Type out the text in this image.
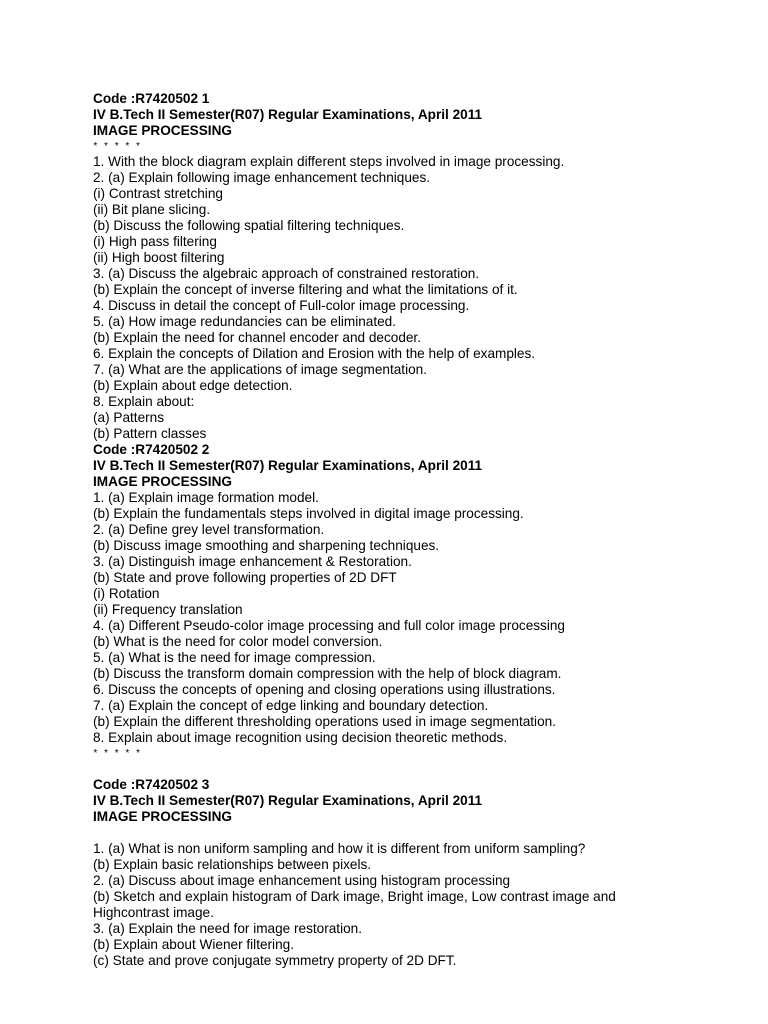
Code :R7420502 1
IV B.Tech II Semester(R07) Regular Examinations, April 2011
IMAGE PROCESSING
* * * * *
1. With the block diagram explain different steps involved in image processing.
2. (a) Explain following image enhancement techniques.
(i) Contrast stretching
(ii) Bit plane slicing.
(b) Discuss the following spatial filtering techniques.
(i) High pass filtering
(ii) High boost filtering
3. (a) Discuss the algebraic approach of constrained restoration.
(b) Explain the concept of inverse filtering and what the limitations of it.
4. Discuss in detail the concept of Full-color image processing.
5. (a) How image redundancies can be eliminated.
(b) Explain the need for channel encoder and decoder.
6. Explain the concepts of Dilation and Erosion with the help of examples.
7. (a) What are the applications of image segmentation.
(b) Explain about edge detection.
8. Explain about:
(a) Patterns
(b) Pattern classes
Code :R7420502 2
IV B.Tech II Semester(R07) Regular Examinations, April 2011
IMAGE PROCESSING
1. (a) Explain image formation model.
(b) Explain the fundamentals steps involved in digital image processing.
2. (a) Define grey level transformation.
(b) Discuss image smoothing and sharpening techniques.
3. (a) Distinguish image enhancement & Restoration.
(b) State and prove following properties of 2D DFT
(i) Rotation
(ii) Frequency translation
4. (a) Different Pseudo-color image processing and full color image processing
(b) What is the need for color model conversion.
5. (a) What is the need for image compression.
(b) Discuss the transform domain compression with the help of block diagram.
6. Discuss the concepts of opening and closing operations using illustrations.
7. (a) Explain the concept of edge linking and boundary detection.
(b) Explain the different thresholding operations used in image segmentation.
8. Explain about image recognition using decision theoretic methods.
* * * * *
Code :R7420502 3
IV B.Tech II Semester(R07) Regular Examinations, April 2011
IMAGE PROCESSING
1. (a) What is non uniform sampling and how it is different from uniform sampling?
(b) Explain basic relationships between pixels.
2. (a) Discuss about image enhancement using histogram processing
(b) Sketch and explain histogram of Dark image, Bright image, Low contrast image and Highcontrast image.
3. (a) Explain the need for image restoration.
(b) Explain about Wiener filtering.
(c) State and prove conjugate symmetry property of 2D DFT.
